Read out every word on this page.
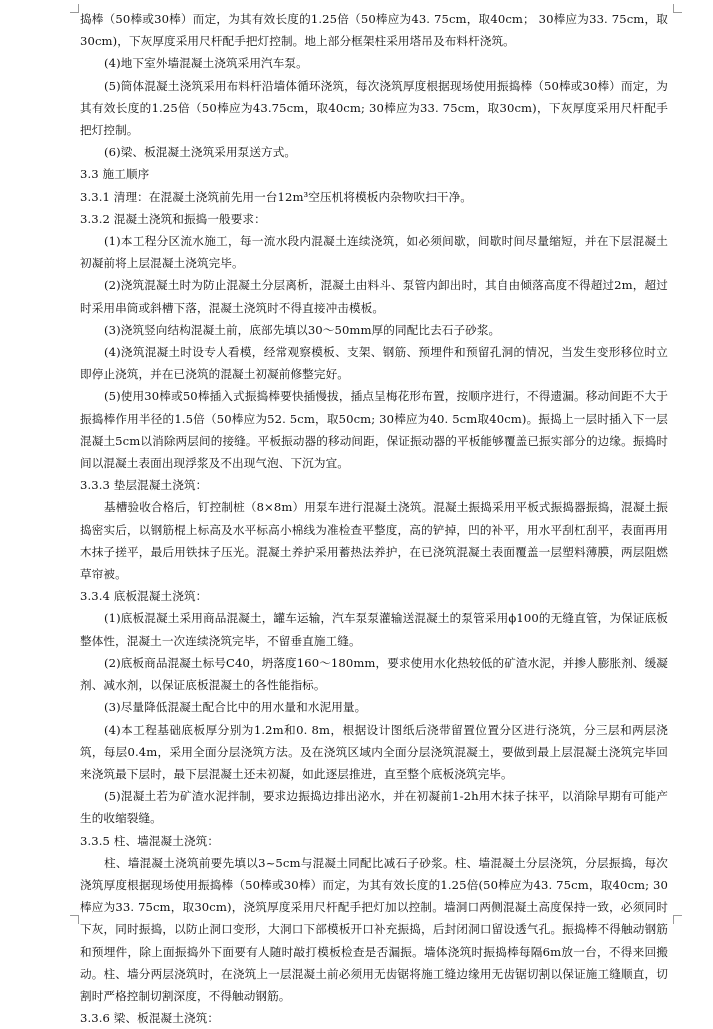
捣棒（50棒或30棒）而定，为其有效长度的1.25倍（50棒应为43. 75cm，取40cm； 30棒应为33. 75cm，取30cm)，下灰厚度采用尺杆配手把灯控制。地上部分框架柱采用塔吊及布料杆浇筑。

(4)地下室外墙混凝土浇筑采用汽车泵。

(5)筒体混凝土浇筑采用布料杆沿墙体循环浇筑，每次浇筑厚度根据现场使用振捣棒（50棒或30棒）而定，为其有效长度的1.25倍（50棒应为43.75cm，取40cm; 30棒应为33. 75cm，取30cm)，下灰厚度采用尺杆配手把灯控制。

(6)梁、板混凝土浇筑采用泵送方式。

3.3 施工顺序

3.3.1 清理：在混凝土浇筑前先用一台12m³空压机将模板内杂物吹扫干净。

3.3.2 混凝土浇筑和振捣一般要求：

(1)本工程分区流水施工，每一流水段内混凝土连续浇筑，如必须间歇，间歇时间尽量缩短，并在下层混凝土初凝前将上层混凝土浇筑完毕。

(2)浇筑混凝土时为防止混凝土分层离析，混凝土由料斗、泵管内卸出时，其自由倾落高度不得超过2m，超过时采用串筒或斜槽下落，混凝土浇筑时不得直接冲击模板。

(3)浇筑竖向结构混凝土前，底部先填以30～50mm厚的同配比去石子砂浆。

(4)浇筑混凝土时设专人看模，经常观察模板、支架、钢筋、预埋件和预留孔洞的情况，当发生变形移位时立即停止浇筑，并在已浇筑的混凝土初凝前修整完好。

(5)使用30棒或50棒插入式振捣棒要快插慢拔，插点呈梅花形布置，按顺序进行，不得遗漏。移动间距不大于振捣棒作用半径的1.5倍（50棒应为52. 5cm，取50cm; 30棒应为40. 5cm取40cm)。振捣上一层时插入下一层混凝土5cm以消除两层间的接缝。平板振动器的移动间距，保证振动器的平板能够覆盖已振实部分的边缘。振捣时间以混凝土表面出现浮浆及不出现气泡、下沉为宜。

3.3.3 垫层混凝土浇筑：

基槽验收合格后，钉控制桩（8×8m）用泵车进行混凝土浇筑。混凝土振捣采用平板式振捣器振捣，混凝土振捣密实后，以钢筋棍上标高及水平标高小棉线为准检查平整度，高的铲掉，凹的补平，用水平刮杠刮平，表面再用木抹子搓平，最后用铁抹子压光。混凝土养护采用蓄热法养护，在已浇筑混凝土表面覆盖一层塑料薄膜，两层阻燃草帘被。

3.3.4 底板混凝土浇筑：

(1)底板混凝土采用商品混凝土，罐车运输，汽车泵泵灌输送混凝土的泵管采用ϕ100的无缝直管，为保证底板整体性，混凝土一次连续浇筑完毕，不留垂直施工缝。

(2)底板商品混凝土标号C40，坍落度160～180mm，要求使用水化热较低的矿渣水泥，并掺人膨胀剂、缓凝剂、减水剂，以保证底板混凝土的各性能指标。

(3)尽量降低混凝土配合比中的用水量和水泥用量。

(4)本工程基础底板厚分别为1.2m和0. 8m，根据设计图纸后浇带留置位置分区进行浇筑，分三层和两层浇筑，每层0.4m，采用全面分层浇筑方法。及在浇筑区域内全面分层浇筑混凝土，要做到最上层混凝土浇筑完毕回来浇筑最下层时，最下层混凝土还未初凝，如此逐层推进，直至整个底板浇筑完毕。

(5)混凝土若为矿渣水泥拌制，要求边振捣边排出泌水，并在初凝前1-2h用木抹子抹平，以消除早期有可能产生的收缩裂缝。

3.3.5 柱、墙混凝土浇筑：

柱、墙混凝土浇筑前要先填以3~5cm与混凝土同配比减石子砂浆。柱、墙混凝土分层浇筑，分层振捣，每次浇筑厚度根据现场使用振捣棒（50棒或30棒）而定，为其有效长度的1.25倍(50棒应为43. 75cm，取40cm; 30棒应为33. 75cm，取30cm)，浇筑厚度采用尺杆配手把灯加以控制。墙洞口两侧混凝土高度保持一致，必须同时下灰，同时振捣，以防止洞口变形，大洞口下部模板开口补充振捣，后封闭洞口留设透气孔。振捣棒不得触动钢筋和预埋件，除上面振捣外下面要有人随时敲打模板检查是否漏振。墙体浇筑时振捣棒每隔6m放一台，不得来回搬动。柱、墙分两层浇筑时，在浇筑上一层混凝土前必须用无齿锯将施工缝边缘用无齿锯切割以保证施工缝顺直，切割时严格控制切割深度，不得触动钢筋。

3.3.6 梁、板混凝土浇筑：
